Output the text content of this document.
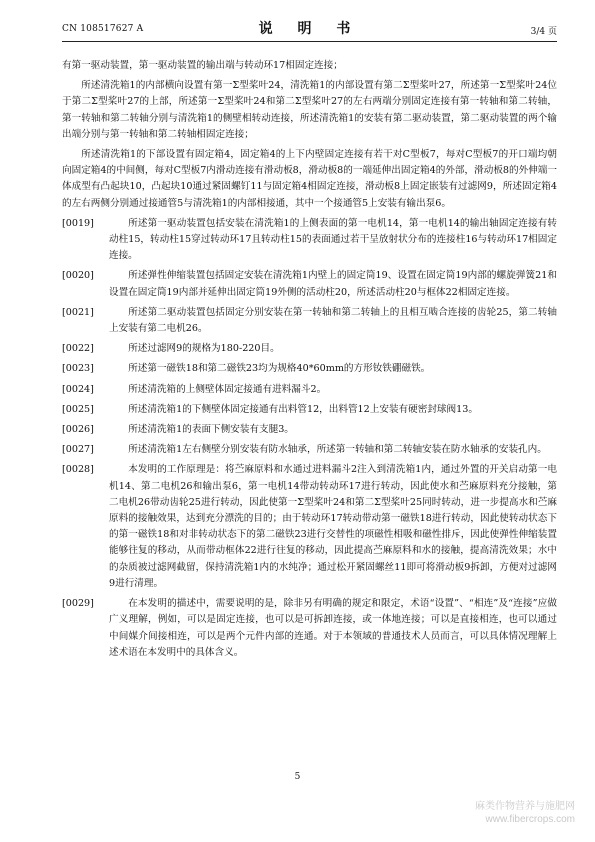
CN 108517627 A	说 明 书	3/4 页

有第一驱动装置，第一驱动装置的输出端与转动环17相固定连接；

所述清洗箱1的内部横向设置有第一Σ型桨叶24，清洗箱1的内部设置有第二Σ型桨叶27，所述第一Σ型桨叶24位于第二Σ型桨叶27的上部，所述第一Σ型桨叶24和第二Σ型桨叶27的左右两端分别固定连接有第一转轴和第二转轴，第一转轴和第二转轴分别与清洗箱1的侧壁相转动连接，所述清洗箱1的安装有第二驱动装置，第二驱动装置的两个输出端分别与第一转轴和第二转轴相固定连接；

所述清洗箱1的下部设置有固定箱4，固定箱4的上下内壁固定连接有若干对C型板7，每对C型板7的开口端均朝向固定箱4的中间侧，每对C型板7内滑动连接有滑动板8，滑动板8的一端延伸出固定箱4的外部，滑动板8的外伸端一体成型有凸起块10，凸起块10通过紧固螺钉11与固定箱4相固定连接，滑动板8上固定嵌装有过滤网9，所述固定箱4的左右两侧分别通过接通管5与清洗箱1的内部相接通，其中一个接通管5上安装有输出泵6。

[0019]	所述第一驱动装置包括安装在清洗箱1的上侧表面的第一电机14，第一电机14的输出轴固定连接有转动柱15，转动柱15穿过转动环17且转动柱15的表面通过若干呈放射状分布的连接柱16与转动环17相固定连接。
[0020]	所述弹性伸缩装置包括固定安装在清洗箱1内壁上的固定筒19、设置在固定筒19内部的螺旋弹簧21和设置在固定筒19内部并延伸出固定筒19外侧的活动柱20，所述活动柱20与框体22相固定连接。
[0021]	所述第二驱动装置包括固定分别安装在第一转轴和第二转轴上的且相互啮合连接的齿轮25，第二转轴上安装有第二电机26。
[0022]	所述过滤网9的规格为180-220目。
[0023]	所述第一磁铁18和第二磁铁23均为规格40*60mm的方形钕铁硼磁铁。
[0024]	所述清洗箱的上侧壁体固定接通有进料漏斗2。
[0025]	所述清洗箱1的下侧壁体固定接通有出料管12，出料管12上安装有硬密封球阀13。
[0026]	所述清洗箱1的表面下侧安装有支腿3。
[0027]	所述清洗箱1左右侧壁分别安装有防水轴承，所述第一转轴和第二转轴安装在防水轴承的安装孔内。
[0028]	本发明的工作原理是：将苎麻原料和水通过进料漏斗2注入到清洗箱1内，通过外置的开关启动第一电机14、第二电机26和输出泵6，第一电机14带动转动环17进行转动，因此使水和苎麻原料充分接触，第二电机26带动齿轮25进行转动，因此使第一Σ型桨叶24和第二Σ型桨叶25同时转动，进一步提高水和苎麻原料的接触效果，达到充分漂洗的目的；由于转动环17转动带动第一磁铁18进行转动，因此使转动状态下的第一磁铁18和对非转动状态下的第二磁铁23进行交替性的项磁性相吸和磁性排斥，因此使弹性伸缩装置能够往复的移动，从而带动框体22进行往复的移动，因此提高苎麻原料和水的接触，提高清洗效果；水中的杂质被过滤网截留，保持清洗箱1内的水纯净；通过松开紧固螺丝11即可将滑动板9拆卸，方便对过滤网9进行清理。
[0029]	在本发明的描述中，需要说明的是，除非另有明确的规定和限定，术语“设置”、“相连”及“连接”应做广义理解，例如，可以是固定连接，也可以是可拆卸连接，或一体地连接；可以是直接相连，也可以通过中间媒介间接相连，可以是两个元件内部的连通。对于本领域的普通技术人员而言，可以具体情况理解上述术语在本发明中的具体含义。
5
麻类作物营养与施肥网
www.fibercrops.com
